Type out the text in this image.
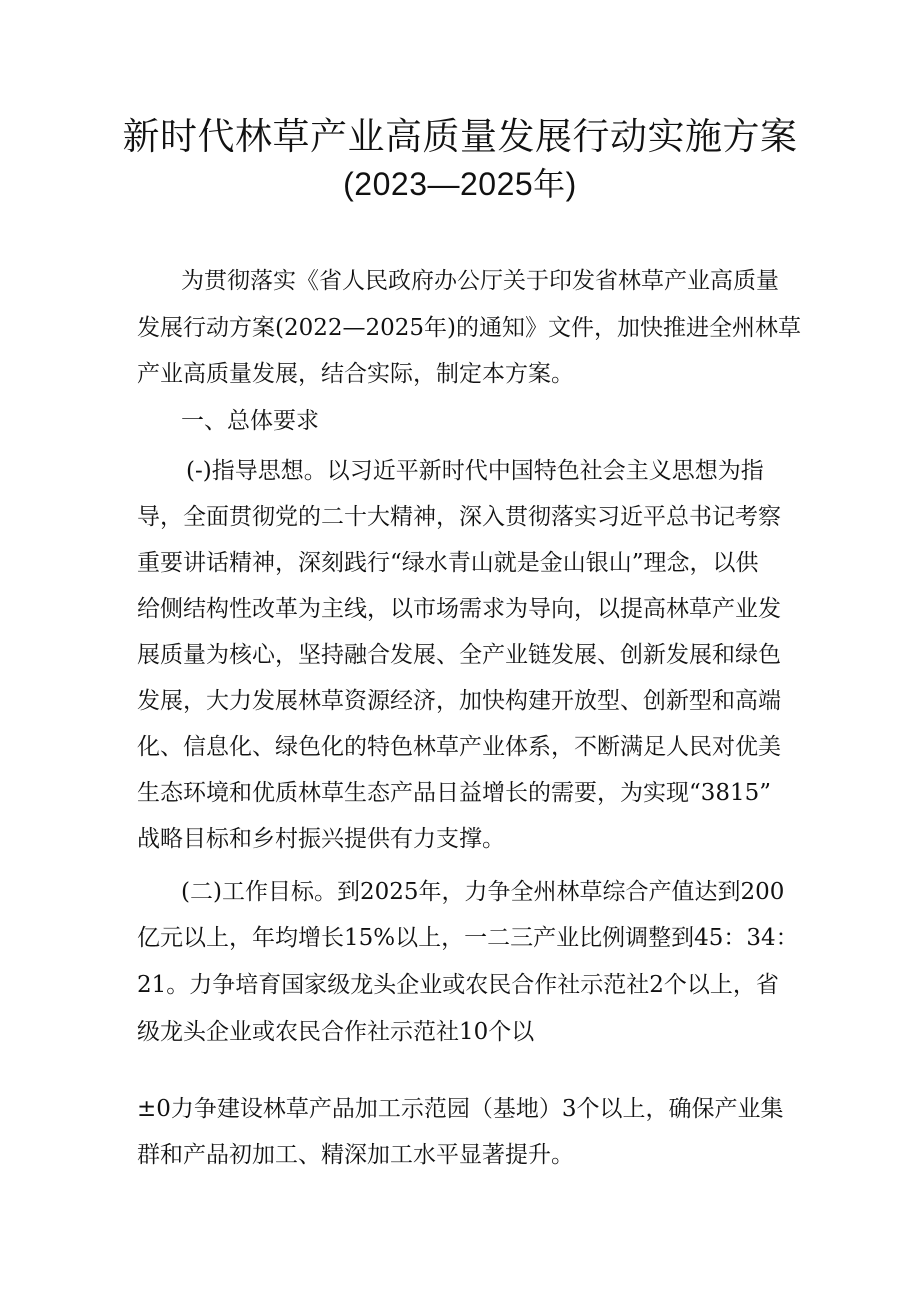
新时代林草产业高质量发展行动实施方案
(2023—2025年)
为贯彻落实《省人民政府办公厅关于印发省林草产业高质量
发展行动方案(2022—2025年)的通知》文件，加快推进全州林草
产业高质量发展，结合实际，制定本方案。
一、总体要求
(-)指导思想。以习近平新时代中国特色社会主义思想为指
导，全面贯彻党的二十大精神，深入贯彻落实习近平总书记考察
重要讲话精神，深刻践行“绿水青山就是金山银山”理念，以供
给侧结构性改革为主线，以市场需求为导向，以提高林草产业发
展质量为核心，坚持融合发展、全产业链发展、创新发展和绿色
发展，大力发展林草资源经济，加快构建开放型、创新型和高端
化、信息化、绿色化的特色林草产业体系，不断满足人民对优美
生态环境和优质林草生态产品日益增长的需要，为实现“3815”
战略目标和乡村振兴提供有力支撑。
(二)工作目标。到2025年，力争全州林草综合产值达到200
亿元以上，年均增长15%以上，一二三产业比例调整到45：34：
21。力争培育国家级龙头企业或农民合作社示范社2个以上，省
级龙头企业或农民合作社示范社10个以
±0力争建设林草产品加工示范园（基地）3个以上，确保产业集
群和产品初加工、精深加工水平显著提升。
